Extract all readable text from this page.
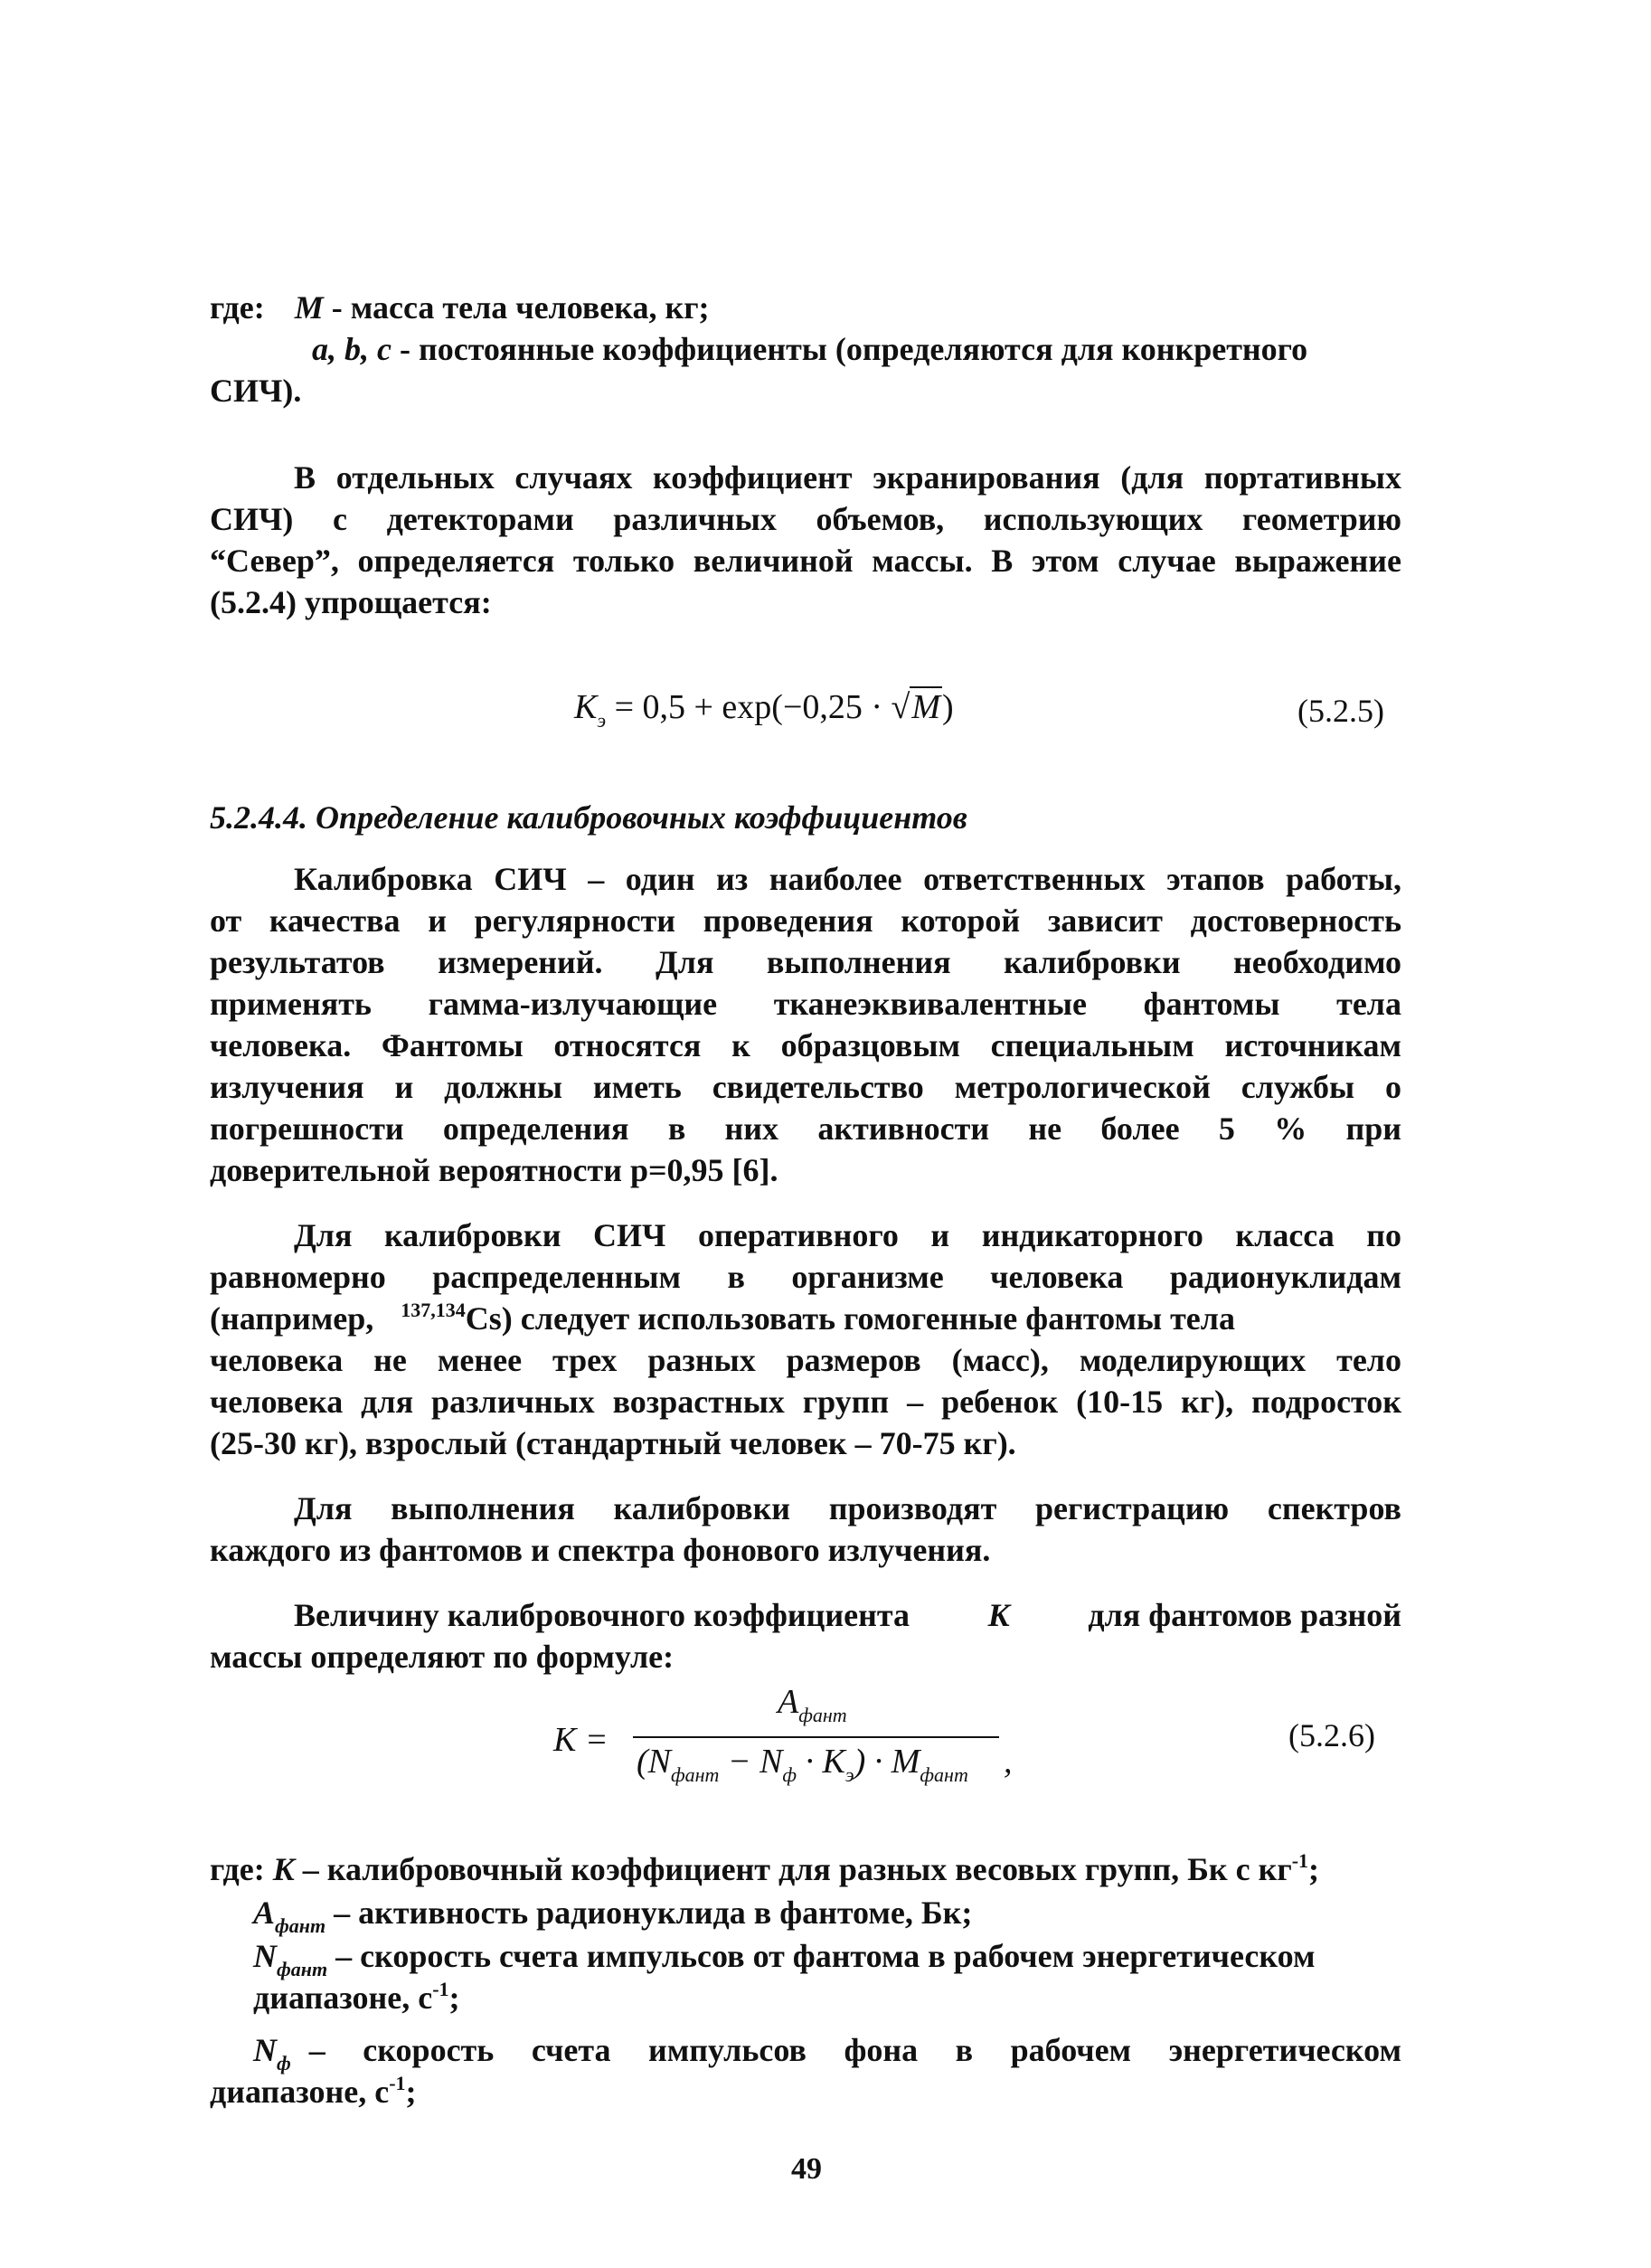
где: M - масса тела человека, кг;
a, b, c - постоянные коэффициенты (определяются для конкретного
СИЧ).
В отдельных случаях коэффициент экранирования (для портативных
СИЧ) с детекторами различных объемов, использующих геометрию
“Север”, определяется только величиной массы. В этом случае выражение
(5.2.4) упрощается:
$K_э = 0,5 + \exp(-0,25 \cdot √M)$	(5.2.5)
5.2.4.4. Определение калибровочных коэффициентов
Калибровка СИЧ – один из наиболее ответственных этапов работы,
от качества и регулярности проведения которой зависит достоверность
результатов измерений. Для выполнения калибровки необходимо
применять гамма-излучающие тканеэквивалентные фантомы тела
человека. Фантомы относятся к образцовым специальным источникам
излучения и должны иметь свидетельство метрологической службы о
погрешности определения в них активности не более 5 % при
доверительной вероятности p=0,95 [6].
Для калибровки СИЧ оперативного и индикаторного класса по
равномерно распределенным в организме человека радионуклидам
(например, $^{137,134}$Cs) следует использовать гомогенные фантомы тела
человека не менее трех разных размеров (масс), моделирующих тело
человека для различных возрастных групп – ребенок (10-15 кг), подросток
(25-30 кг), взрослый (стандартный человек – 70-75 кг).
Для выполнения калибровки производят регистрацию спектров
каждого из фантомов и спектра фонового излучения.
Величину калибровочного коэффициента K для фантомов разной
массы определяют по формуле:
K =
$A_{фант}$
$(N_{фант} - N_ф \cdot K_э) \cdot M_{фант}$ ,
(5.2.6)
где: K – калибровочный коэффициент для разных весовых групп, Бк с $кг^{-1}$;
$A_{фант}$ – активность радионуклида в фантоме, Бк;
$N_{фант}$ – скорость счета импульсов от фантома в рабочем энергетическом
диапазоне, $с^{-1}$;
$N_ф$ – скорость счета импульсов фона в рабочем энергетическом
диапазоне, $с^{-1}$;
49
